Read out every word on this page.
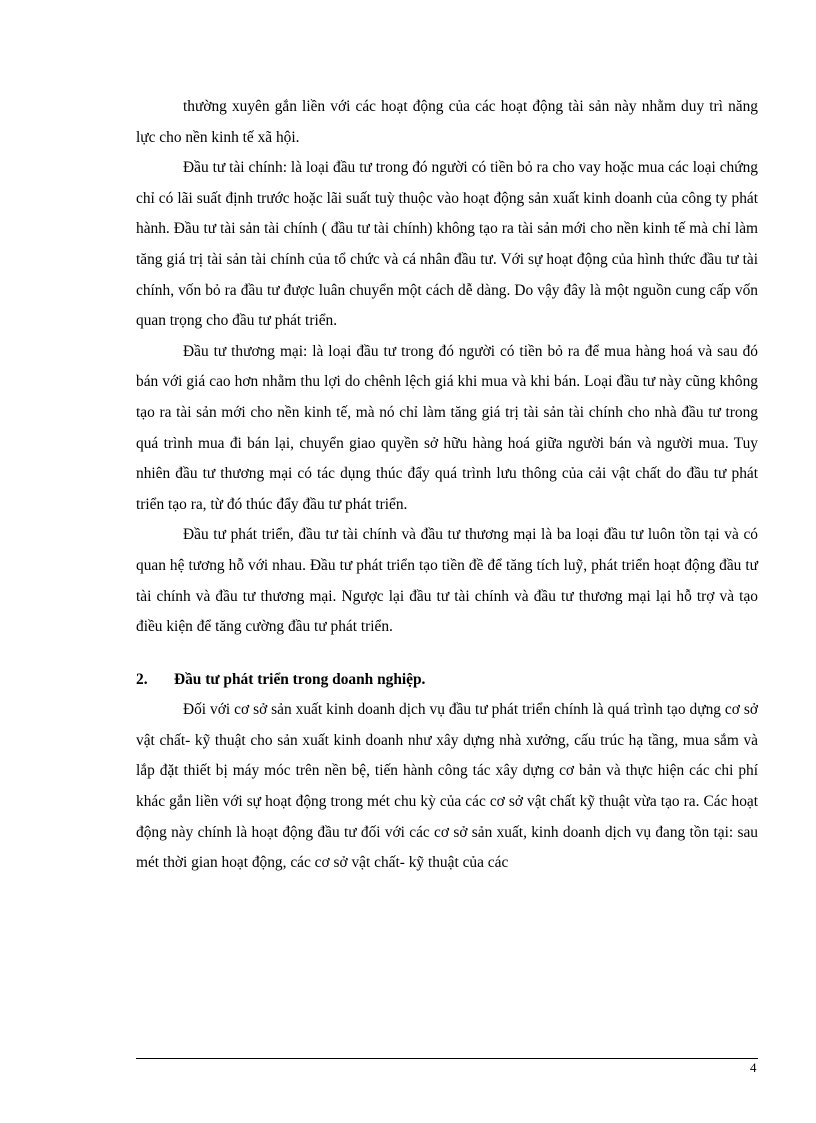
thường xuyên gắn liền với các hoạt động của các hoạt động tài sản này nhằm duy trì năng lực cho nền kinh tế xã hội.

Đầu tư tài chính: là loại đầu tư trong đó người có tiền bỏ ra cho vay hoặc mua các loại chứng chỉ có lãi suất định trước hoặc lãi suất tuỳ thuộc vào hoạt động sản xuất kinh doanh của công ty phát hành. Đầu tư tài sản tài chính ( đầu tư tài chính) không tạo ra tài sản mới cho nền kinh tế mà chỉ làm tăng giá trị tài sản tài chính của tổ chức và cá nhân đầu tư. Với sự hoạt động của hình thức đầu tư tài chính, vốn bỏ ra đầu tư được luân chuyển một cách dễ dàng. Do vậy đây là một nguồn cung cấp vốn quan trọng cho đầu tư phát triển.

Đầu tư thương mại: là loại đầu tư trong đó người có tiền bỏ ra để mua hàng hoá và sau đó bán với giá cao hơn nhằm thu lợi do chênh lệch giá khi mua và khi bán. Loại đầu tư này cũng không tạo ra tài sản mới cho nền kinh tế, mà nó chỉ làm tăng giá trị tài sản tài chính cho nhà đầu tư trong quá trình mua đi bán lại, chuyển giao quyền sở hữu hàng hoá giữa người bán và người mua. Tuy nhiên đầu tư thương mại có tác dụng thúc đẩy quá trình lưu thông của cải vật chất do đầu tư phát triển tạo ra, từ đó thúc đẩy đầu tư phát triển.

Đầu tư phát triển, đầu tư tài chính và đầu tư thương mại là ba loại đầu tư luôn tồn tại và có quan hệ tương hỗ với nhau. Đầu tư phát triển tạo tiền đề để tăng tích luỹ, phát triển hoạt động đầu tư tài chính và đầu tư thương mại. Ngược lại đầu tư tài chính và đầu tư thương mại lại hỗ trợ và tạo điều kiện để tăng cường đầu tư phát triển.

2.	Đầu tư phát triển trong doanh nghiệp.

Đối với cơ sở sản xuất kinh doanh dịch vụ đầu tư phát triển chính là quá trình tạo dựng cơ sở vật chất- kỹ thuật cho sản xuất kinh doanh như xây dựng nhà xưởng, cấu trúc hạ tầng, mua sắm và lắp đặt thiết bị máy móc trên nền bệ, tiến hành công tác xây dựng cơ bản và thực hiện các chi phí khác gắn liền với sự hoạt động trong mét chu kỳ của các cơ sở vật chất kỹ thuật vừa tạo ra. Các hoạt động này chính là hoạt động đầu tư đối với các cơ sở sản xuất, kinh doanh dịch vụ đang tồn tại: sau mét thời gian hoạt động, các cơ sở vật chất- kỹ thuật của các

4
